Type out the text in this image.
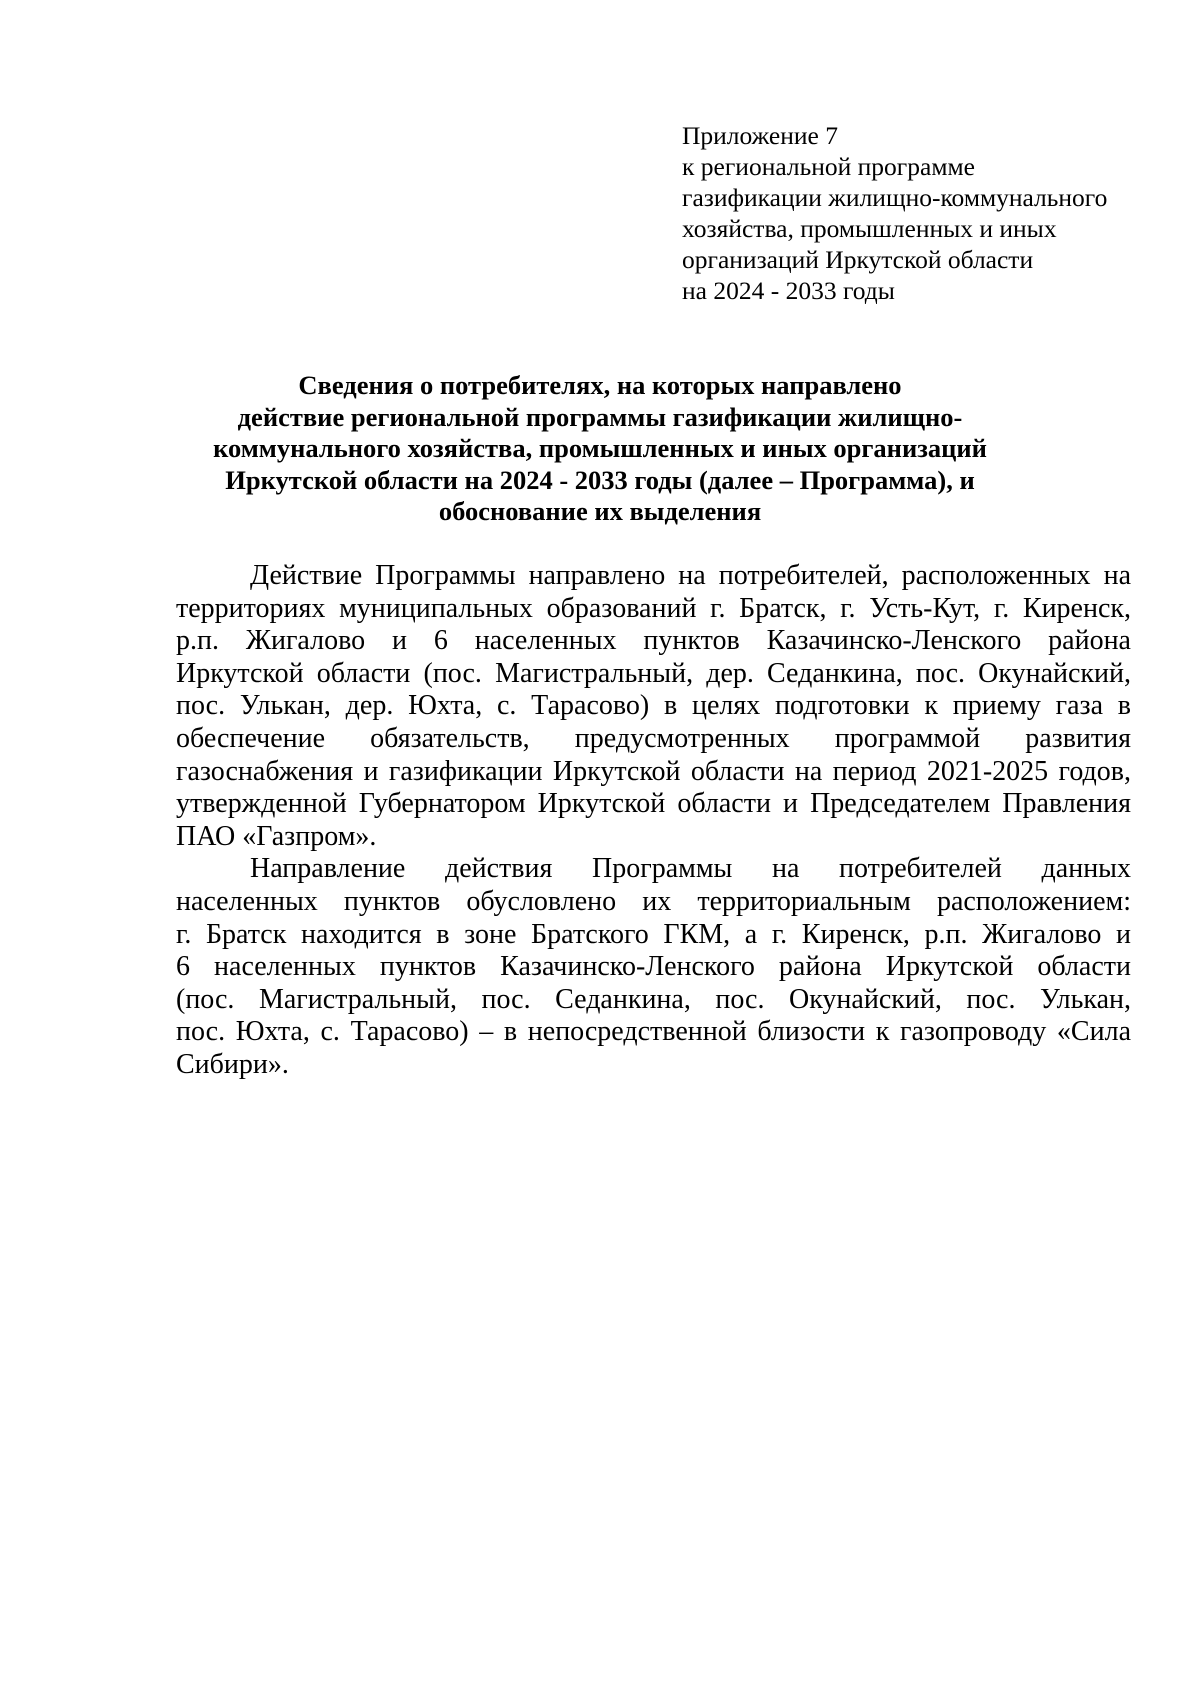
Приложение 7
к региональной программе
газификации жилищно-коммунального
хозяйства, промышленных и иных
организаций Иркутской области
на 2024 - 2033 годы
Сведения о потребителях, на которых направлено
действие региональной программы газификации жилищно-
коммунального хозяйства, промышленных и иных организаций
Иркутской области на 2024 - 2033 годы (далее – Программа), и
обоснование их выделения
Действие Программы направлено на потребителей, расположенных на
территориях муниципальных образований г. Братск, г. Усть-Кут, г. Киренск,
р.п. Жигалово и 6 населенных пунктов Казачинско-Ленского района
Иркутской области (пос. Магистральный, дер. Седанкина, пос. Окунайский,
пос. Улькан, дер. Юхта, с. Тарасово) в целях подготовки к приему газа в
обеспечение обязательств, предусмотренных программой развития
газоснабжения и газификации Иркутской области на период 2021-2025 годов,
утвержденной Губернатором Иркутской области и Председателем Правления
ПАО «Газпром».
Направление действия Программы на потребителей данных
населенных пунктов обусловлено их территориальным расположением:
г. Братск находится в зоне Братского ГКМ, а г. Киренск, р.п. Жигалово и
6 населенных пунктов Казачинско-Ленского района Иркутской области
(пос. Магистральный, пос. Седанкина, пос. Окунайский, пос. Улькан,
пос. Юхта, с. Тарасово) – в непосредственной близости к газопроводу «Сила
Сибири».
